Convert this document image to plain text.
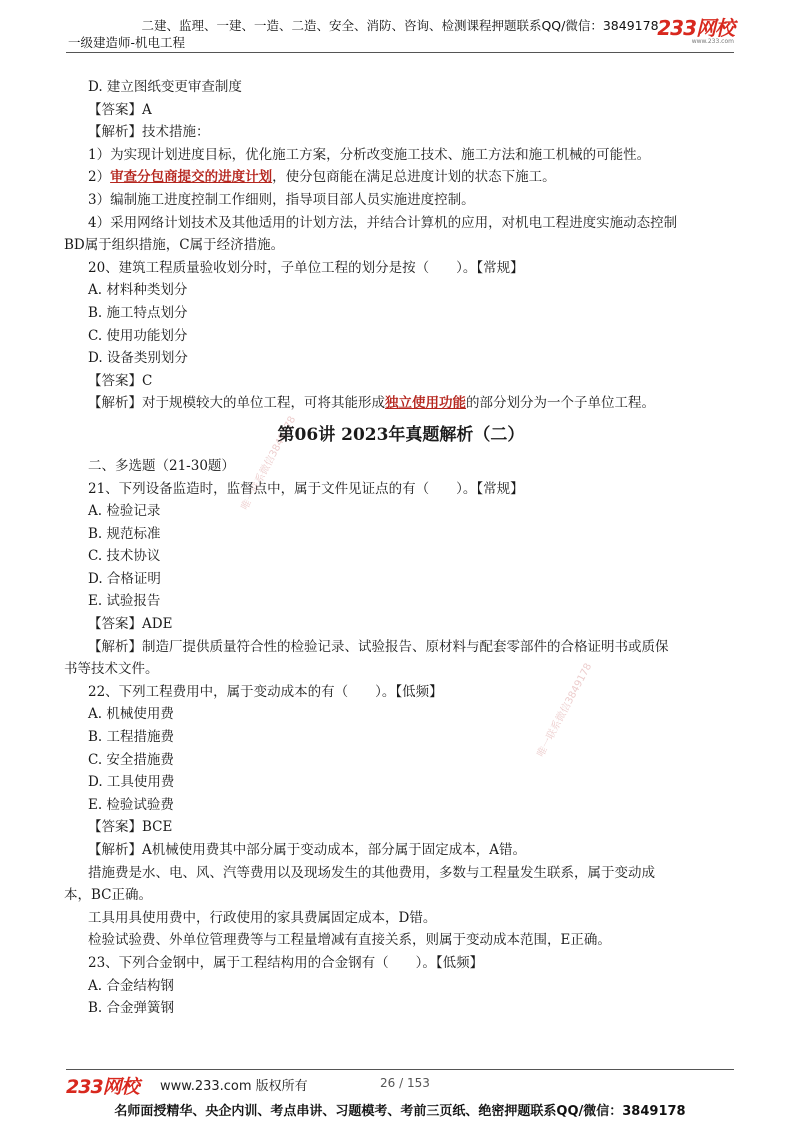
二建、监理、一建、一造、二造、安全、消防、咨询、检测课程押题联系QQ/微信：3849178
一级建造师-机电工程
233网校
www.233.com
唯一联系微信3849178
唯一联系微信3849178
D. 建立图纸变更审查制度
【答案】A
【解析】技术措施：
1）为实现计划进度目标，优化施工方案，分析改变施工技术、施工方法和施工机械的可能性。
2）审查分包商提交的进度计划，使分包商能在满足总进度计划的状态下施工。
3）编制施工进度控制工作细则，指导项目部人员实施进度控制。
4）采用网络计划技术及其他适用的计划方法，并结合计算机的应用，对机电工程进度实施动态控制
BD属于组织措施，C属于经济措施。
20、建筑工程质量验收划分时，子单位工程的划分是按（　　）。【常规】
A. 材料种类划分
B. 施工特点划分
C. 使用功能划分
D. 设备类别划分
【答案】C
【解析】对于规模较大的单位工程，可将其能形成独立使用功能的部分划分为一个子单位工程。
第06讲 2023年真题解析（二）
二、多选题（21-30题）
21、下列设备监造时，监督点中，属于文件见证点的有（　　）。【常规】
A. 检验记录
B. 规范标准
C. 技术协议
D. 合格证明
E. 试验报告
【答案】ADE
【解析】制造厂提供质量符合性的检验记录、试验报告、原材料与配套零部件的合格证明书或质保
书等技术文件。
22、下列工程费用中，属于变动成本的有（　　）。【低频】
A. 机械使用费
B. 工程措施费
C. 安全措施费
D. 工具使用费
E. 检验试验费
【答案】BCE
【解析】A机械使用费其中部分属于变动成本，部分属于固定成本，A错。
措施费是水、电、风、汽等费用以及现场发生的其他费用，多数与工程量发生联系，属于变动成
本，BC正确。
工具用具使用费中，行政使用的家具费属固定成本，D错。
检验试验费、外单位管理费等与工程量增减有直接关系，则属于变动成本范围，E正确。
23、下列合金钢中，属于工程结构用的合金钢有（　　）。【低频】
A. 合金结构钢
B. 合金弹簧钢
233网校 www.233.com 版权所有	26 / 153
名师面授精华、央企内训、考点串讲、习题模考、考前三页纸、绝密押题联系QQ/微信：3849178
